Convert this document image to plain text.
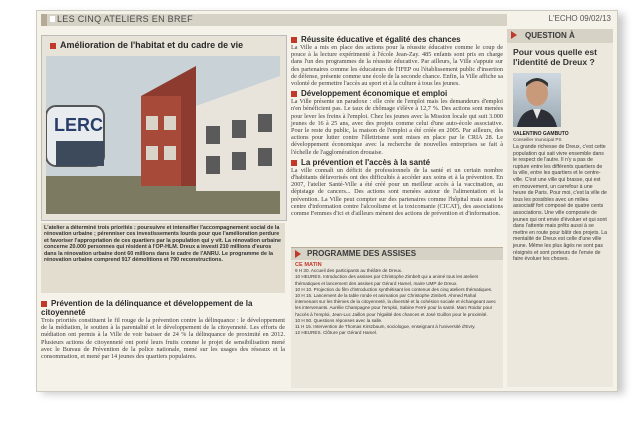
LES CINQ ATELIERS EN BREF	L'ECHO 09/02/13
Amélioration de l'habitat et du cadre de vie
LERC

L'atelier a déterminé trois priorités : poursuivre et intensifier l'accompagnement social de la rénovation urbaine ; pérenniser ces investissements lourds pour que l'amélioration perdure et favoriser l'appropriation de ces quartiers par la population qui y vit. La rénovation urbaine concerne 20.000 personnes qui résident à l'OP-HLM. Dreux a investi 210 millions d'euros dans la rénovation urbaine dont 60 millions dans le cadre de l'ANRU. Le programme de la rénovation urbaine comprend 917 démolitions et 790 reconstructions.

Prévention de la délinquance et développement de la citoyenneté
Trois priorités constituent le fil rouge de la prévention contre la délinquance : le développement de la médiation, le soutien à la parentalité et le développement de la citoyenneté. Les efforts de médiation ont permis à la Ville de voir baisser de 24 % la délinquance de proximité en 2012. Plusieurs actions de citoyenneté ont porté leurs fruits comme le projet de sensibilisation mené avec le Bureau de Prévention de la police nationale, mené sur les usages des réseaux et la consommation, et mené par 14 jeunes des quartiers populaires.
Réussite éducative et égalité des chances
La Ville a mis en place des actions pour la réussite éducative comme le coup de pouce à la lecture expérimenté à l'école Jean-Zay. 485 enfants sont pris en charge dans l'un des programmes de la réussite éducative. Par ailleurs, la Ville s'appuie sur des partenaires comme les éducateurs de l'IFEP ou l'établissement public d'insertion de défense, présente comme une école de la seconde chance. Enfin, la Ville affiche sa volonté de permettre l'accès au sport et à la culture à tous les jeunes.
Développement économique et emploi
La Ville présente un paradoxe : elle crée de l'emploi mais les demandeurs d'emploi n'en bénéficient pas. Le taux de chômage s'élève à 12,7 %. Des actions sont menées pour lever les freins à l'emploi. Chez les jeunes avec la Mission locale qui suit 3.000 jeunes de 16 à 25 ans, avec des projets comme celui d'une auto-école associative. Pour le reste du public, la maison de l'emploi a été créée en 2005. Par ailleurs, des actions pour lutter contre l'illettrisme sont mises en place par le CRIA 28. Le développement économique avec la recherche de nouvelles entreprises se fait à l'échelle de l'agglomération drouaise.
La prévention et l'accès à la santé
La ville connaît un déficit de professionnels de la santé et un certain nombre d'habitants défavorisés ont des difficultés à accéder aux soins et à la prévention. En 2007, l'atelier Santé-Ville a été créé pour un meilleur accès à la vaccination, au dépistage de cancers... Des actions sont menées autour de l'alimentation et la prévention. La Ville peut compter sur des partenaires comme l'hôpital mais aussi le centre d'information contre l'alcoolisme et la toxicomanie (CICAT), des associations comme Femmes d'ici et d'ailleurs mènent des actions de prévention et d'information.
PROGRAMME DES ASSISES
CE MATIN
9 H 30. Accueil des participants au théâtre de Dreux.
10 HEURES. Introduction des assises par Christophe Zimbelt qui a animé tous les ateliers thématiques et lancement des assises par Gérard Hamel, maire UMP de Dreux.
10 H 10. Projection du film d'introduction synthétisant les contenus des cinq ateliers thématiques.
10 H 15. Lancement de la table ronde et animation par Christophe Zimbelt. Ahmed Rahal intervenant sur les thèmes de la citoyenneté, la diversité et la cohésion sociale et échangeant avec les intervenants. Aurélie Champagne pour l'emploi, Sabine Ferré pour la santé. Marc Roidor pour l'accès à l'emploi, Jean-Luc Jaillon pour l'égalité des chances et José Guillon pour le proximité.
10 H 50. Questions réponses avec la salle.
11 H 15. Intervention de Thomas Kirszbaum, sociologue, enseignant à l'université d'Evry.
12 HEURES. Clôture par Gérard Hamel.
QUESTION À
Pour vous quelle est l'identité de Dreux ?
VALENTINO GAMBUTO
Conseiller municipal PS
La grande richesse de Dreux, c'est cette population qui sait vivre ensemble dans le respect de l'autre. Il n'y a pas de rupture entre les différents quartiers de la ville, entre les quartiers et le centre-ville. C'est une ville qui brasse, qui est en mouvement, un carrefour à une heure de Paris. Pour moi, c'est la ville de tous les possibles avec un milieu associatif fort composé de quatre cents associations. Une ville composée de jeunes qui ont envie d'évoluer et qui sont dans l'attente mais prêts aussi à se mettre en route pour bâtir des projets. La mentalité de Dreux est celle d'une ville jeune. Même les plus âgés ne sont pas résignés et sont porteurs de l'envie de faire évoluer les choses.
